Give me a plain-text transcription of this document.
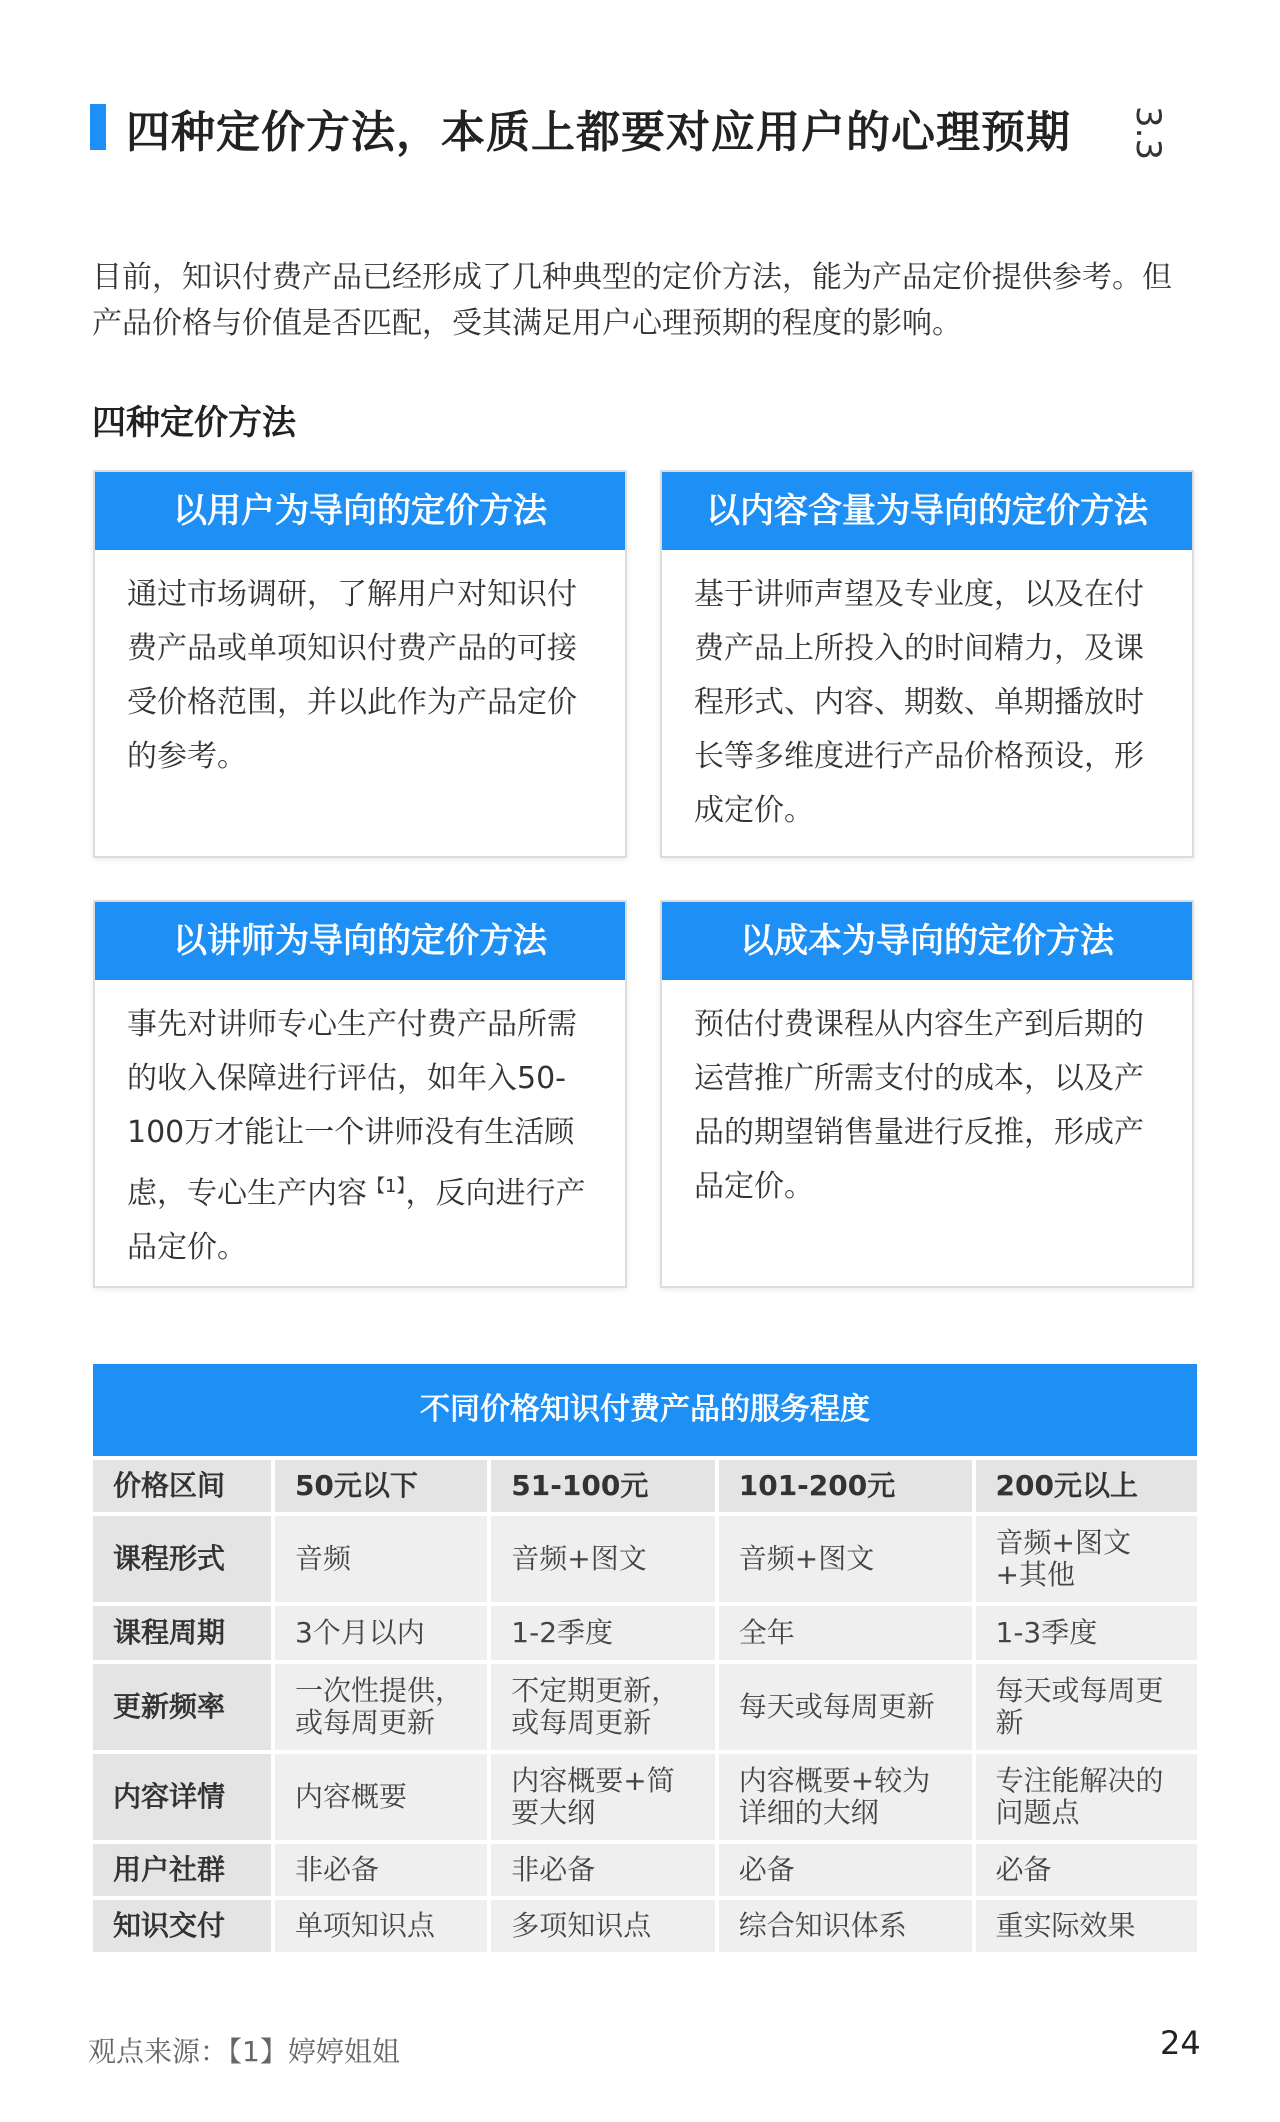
四种定价方法，本质上都要对应用户的心理预期 3.3
目前，知识付费产品已经形成了几种典型的定价方法，能为产品定价提供参考。但产品价格与价值是否匹配，受其满足用户心理预期的程度的影响。
四种定价方法
以用户为导向的定价方法
通过市场调研，了解用户对知识付费产品或单项知识付费产品的可接受价格范围，并以此作为产品定价的参考。
以内容含量为导向的定价方法
基于讲师声望及专业度，以及在付费产品上所投入的时间精力，及课程形式、内容、期数、单期播放时长等多维度进行产品价格预设，形成定价。
以讲师为导向的定价方法
事先对讲师专心生产付费产品所需的收入保障进行评估，如年入50-100万才能让一个讲师没有生活顾虑，专心生产内容$^{【1】}$，反向进行产品定价。
以成本为导向的定价方法
预估付费课程从内容生产到后期的运营推广所需支付的成本，以及产品的期望销售量进行反推，形成产品定价。
不同价格知识付费产品的服务程度
价格区间	50元以下	51-100元	101-200元	200元以上
课程形式	音频	音频+图文	音频+图文	音频+图文+其他
课程周期	3个月以内	1-2季度	全年	1-3季度
更新频率	一次性提供，或每周更新	不定期更新，或每周更新	每天或每周更新	每天或每周更新
内容详情	内容概要	内容概要+简要大纲	内容概要+较为详细的大纲	专注能解决的问题点
用户社群	非必备	非必备	必备	必备
知识交付	单项知识点	多项知识点	综合知识体系	重实际效果
观点来源：【1】婷婷姐姐	24
